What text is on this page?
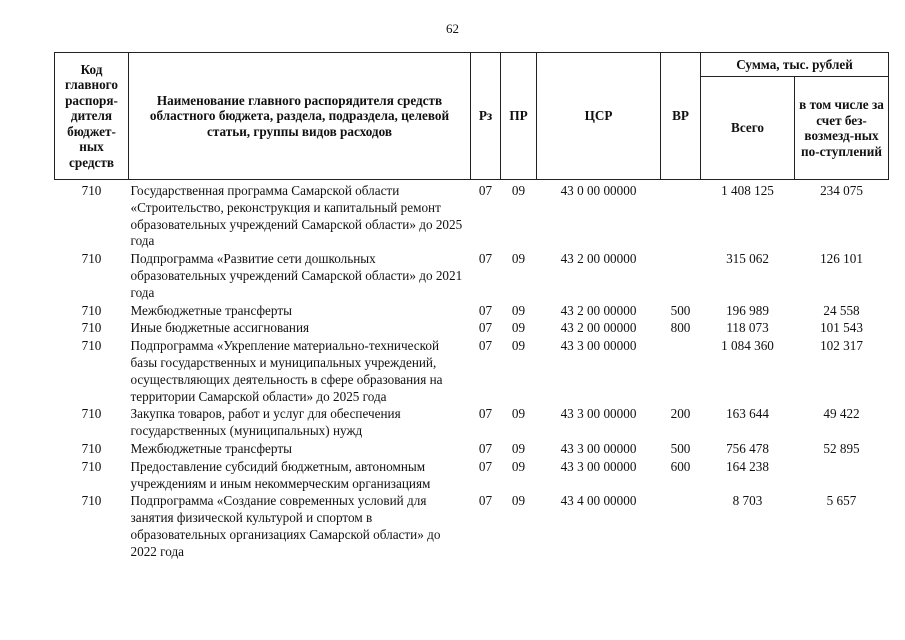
62
Код главного распоря-дителя бюджет-ных средств	Наименование главного распорядителя средств областного бюджета, раздела, подраздела, целевой статьи, группы видов расходов	Рз	ПР	ЦСР	ВР	Сумма, тыс. рублей	
						Всего	в том числе за счет без-возмезд-ных по-ступлений
710	Государственная программа Самарской области «Строительство, реконструкция и капитальный ремонт образовательных учреждений Самарской области» до 2025 года	07	09	43 0 00 00000		1 408 125	234 075
710	Подпрограмма «Развитие сети дошкольных образовательных учреждений Самарской области» до 2021 года	07	09	43 2 00 00000		315 062	126 101
710	Межбюджетные трансферты	07	09	43 2 00 00000	500	196 989	24 558
710	Иные бюджетные ассигнования	07	09	43 2 00 00000	800	118 073	101 543
710	Подпрограмма «Укрепление материально-технической базы государственных и муниципальных учреждений, осуществляющих деятельность в сфере образования на территории Самарской области» до 2025 года	07	09	43 3 00 00000		1 084 360	102 317
710	Закупка товаров, работ и услуг для обеспечения государственных (муниципальных) нужд	07	09	43 3 00 00000	200	163 644	49 422
710	Межбюджетные трансферты	07	09	43 3 00 00000	500	756 478	52 895
710	Предоставление субсидий бюджетным, автономным учреждениям и иным некоммерческим организациям	07	09	43 3 00 00000	600	164 238	
710	Подпрограмма «Создание современных условий для занятия физической культурой и спортом в образовательных организациях Самарской области» до 2022 года	07	09	43 4 00 00000		8 703	5 657
